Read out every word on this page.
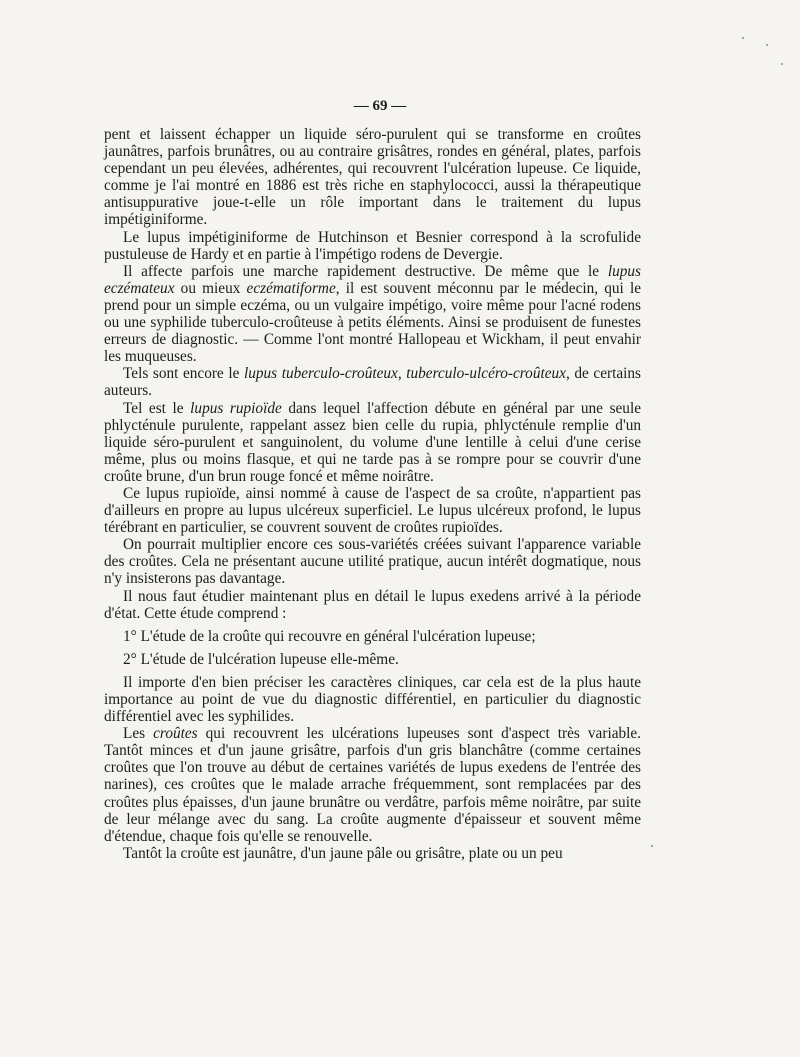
— 69 —

pent et laissent échapper un liquide séro-purulent qui se transforme en croûtes jaunâtres, parfois brunâtres, ou au contraire grisâtres, rondes en général, plates, parfois cependant un peu élevées, adhérentes, qui recouvrent l'ulcération lupeuse. Ce liquide, comme je l'ai montré en 1886 est très riche en staphylococci, aussi la thérapeutique antisuppurative joue-t-elle un rôle important dans le traitement du lupus impétiginiforme.

Le lupus impétiginiforme de Hutchinson et Besnier correspond à la scrofulide pustuleuse de Hardy et en partie à l'impétigo rodens de Devergie.

Il affecte parfois une marche rapidement destructive. De même que le lupus eczémateux ou mieux eczématiforme, il est souvent méconnu par le médecin, qui le prend pour un simple eczéma, ou un vulgaire impétigo, voire même pour l'acné rodens ou une syphilide tuberculo-croûteuse à petits éléments. Ainsi se produisent de funestes erreurs de diagnostic. — Comme l'ont montré Hallopeau et Wickham, il peut envahir les muqueuses.

Tels sont encore le lupus tuberculo-croûteux, tuberculo-ulcéro-croûteux, de certains auteurs.

Tel est le lupus rupioïde dans lequel l'affection débute en général par une seule phlycténule purulente, rappelant assez bien celle du rupia, phlycténule remplie d'un liquide séro-purulent et sanguinolent, du volume d'une lentille à celui d'une cerise même, plus ou moins flasque, et qui ne tarde pas à se rompre pour se couvrir d'une croûte brune, d'un brun rouge foncé et même noirâtre.

Ce lupus rupioïde, ainsi nommé à cause de l'aspect de sa croûte, n'appartient pas d'ailleurs en propre au lupus ulcéreux superficiel. Le lupus ulcéreux profond, le lupus térébrant en particulier, se couvrent souvent de croûtes rupioïdes.

On pourrait multiplier encore ces sous-variétés créées suivant l'apparence variable des croûtes. Cela ne présentant aucune utilité pratique, aucun intérêt dogmatique, nous n'y insisterons pas davantage.

Il nous faut étudier maintenant plus en détail le lupus exedens arrivé à la période d'état. Cette étude comprend :

1° L'étude de la croûte qui recouvre en général l'ulcération lupeuse;

2° L'étude de l'ulcération lupeuse elle-même.

Il importe d'en bien préciser les caractères cliniques, car cela est de la plus haute importance au point de vue du diagnostic différentiel, en particulier du diagnostic différentiel avec les syphilides.

Les croûtes qui recouvrent les ulcérations lupeuses sont d'aspect très variable. Tantôt minces et d'un jaune grisâtre, parfois d'un gris blanchâtre (comme certaines croûtes que l'on trouve au début de certaines variétés de lupus exedens de l'entrée des narines), ces croûtes que le malade arrache fréquemment, sont remplacées par des croûtes plus épaisses, d'un jaune brunâtre ou verdâtre, parfois même noirâtre, par suite de leur mélange avec du sang. La croûte augmente d'épaisseur et souvent même d'étendue, chaque fois qu'elle se renouvelle.

Tantôt la croûte est jaunâtre, d'un jaune pâle ou grisâtre, plate ou un peu
